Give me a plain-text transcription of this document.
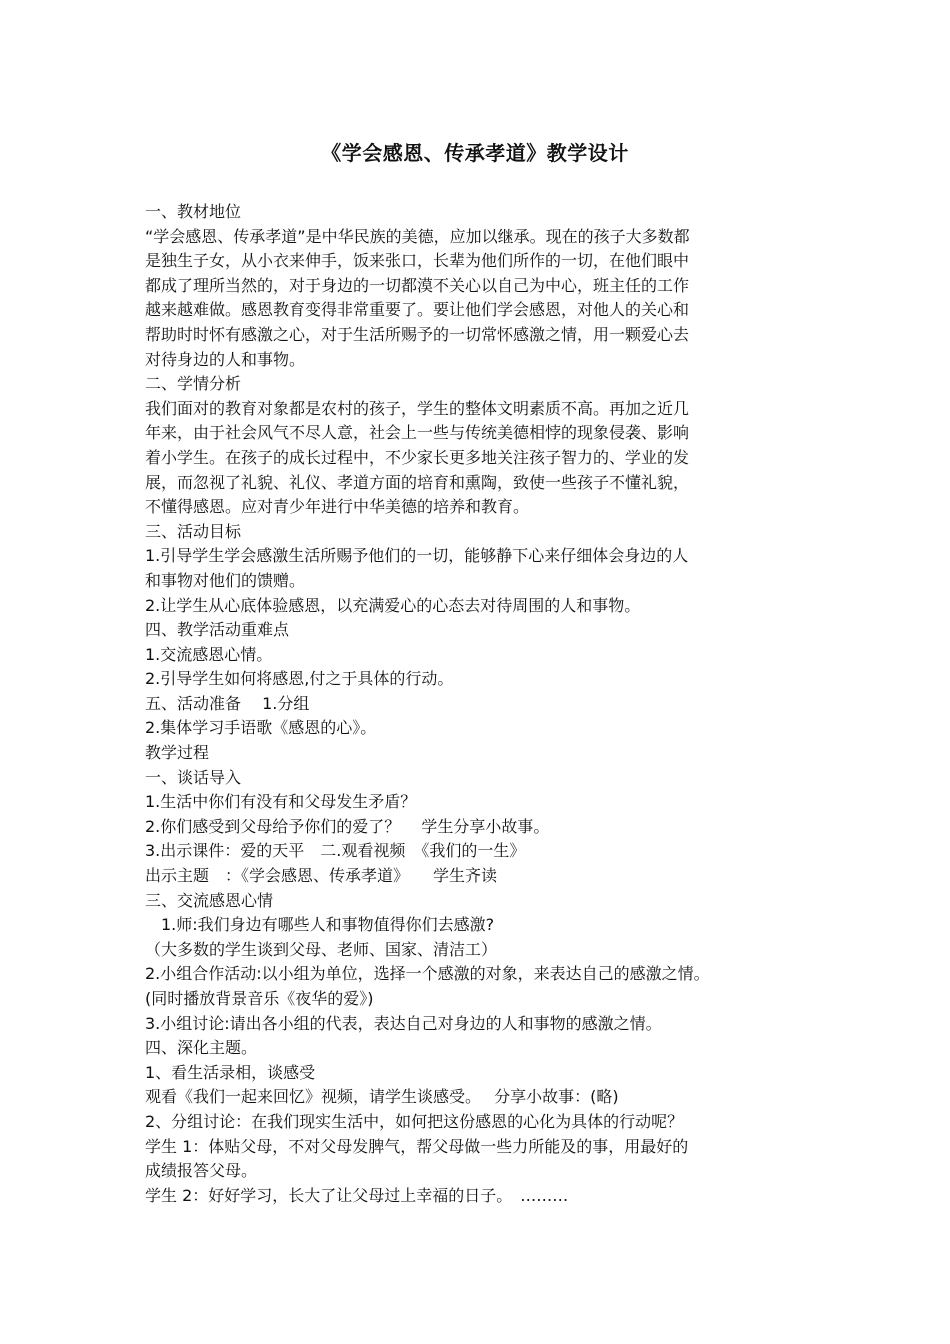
《学会感恩、传承孝道》教学设计
一、教材地位
“学会感恩、传承孝道”是中华民族的美德，应加以继承。现在的孩子大多数都
是独生子女，从小衣来伸手，饭来张口，长辈为他们所作的一切，在他们眼中
都成了理所当然的，对于身边的一切都漠不关心以自己为中心，班主任的工作
越来越难做。感恩教育变得非常重要了。要让他们学会感恩，对他人的关心和
帮助时时怀有感激之心，对于生活所赐予的一切常怀感激之情，用一颗爱心去
对待身边的人和事物。
二、学情分析
我们面对的教育对象都是农村的孩子，学生的整体文明素质不高。再加之近几
年来，由于社会风气不尽人意，社会上一些与传统美德相悖的现象侵袭、影响
着小学生。在孩子的成长过程中，不少家长更多地关注孩子智力的、学业的发
展，而忽视了礼貌、礼仪、孝道方面的培育和熏陶，致使一些孩子不懂礼貌，
不懂得感恩。应对青少年进行中华美德的培养和教育。
三、活动目标
1.引导学生学会感激生活所赐予他们的一切，能够静下心来仔细体会身边的人
和事物对他们的馈赠。
2.让学生从心底体验感恩，以充满爱心的心态去对待周围的人和事物。
四、教学活动重难点
1.交流感恩心情。
2.引导学生如何将感恩,付之于具体的行动。
五、活动准备　 1.分组
2.集体学习手语歌《感恩的心》。
教学过程
一、谈话导入
1.生活中你们有没有和父母发生矛盾？
2.你们感受到父母给予你们的爱了？　 学生分享小故事。
3.出示课件：爱的天平　二.观看视频　《我们的一生》
出示主题　：《学会感恩、传承孝道》　　学生齐读
三、交流感恩心情
　1.师:我们身边有哪些人和事物值得你们去感激?
（大多数的学生谈到父母、老师、国家、清洁工）
2.小组合作活动:以小组为单位，选择一个感激的对象，来表达自己的感激之情。
(同时播放背景音乐《夜华的爱》)
3.小组讨论:请出各小组的代表，表达自己对身边的人和事物的感激之情。
四、深化主题。
1、看生活录相，谈感受
观看《我们一起来回忆》视频，请学生谈感受。　 分享小故事：(略)
2、分组讨论：在我们现实生活中，如何把这份感恩的心化为具体的行动呢？
学生 1：体贴父母，不对父母发脾气，帮父母做一些力所能及的事，用最好的
成绩报答父母。
学生 2：好好学习，长大了让父母过上幸福的日子。　………
